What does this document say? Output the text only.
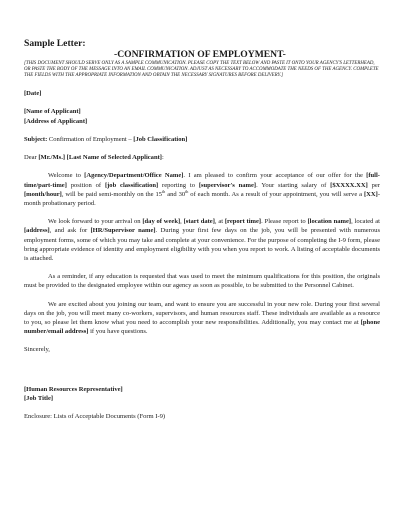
Sample Letter:
-CONFIRMATION OF EMPLOYMENT-
[THIS DOCUMENT SHOULD SERVE ONLY AS A SAMPLE COMMUNICATION. PLEASE COPY THE TEXT BELOW AND PASTE IT ONTO YOUR AGENCY'S LETTERHEAD, OR PASTE THE BODY OF THE MESSAGE INTO AN EMAIL COMMUNICATION. ADJUST AS NECESSARY TO ACCOMMODATE THE NEEDS OF THE AGENCY. COMPLETE THE FIELDS WITH THE APPROPRIATE INFORMATION AND OBTAIN THE NECESSARY SIGNATURES BEFORE DELIVERY.]
[Date]
[Name of Applicant]
[Address of Applicant]
Subject: Confirmation of Employment – [Job Classification]
Dear [Mr./Ms.] [Last Name of Selected Applicant]:
Welcome to [Agency/Department/Office Name]. I am pleased to confirm your acceptance of our offer for the [full-time/part-time] position of [job classification] reporting to [supervisor's name]. Your starting salary of [$XXXX.XX] per [month/hour], will be paid semi-monthly on the 15th and 30th of each month. As a result of your appointment, you will serve a [XX]-month probationary period.
We look forward to your arrival on [day of week], [start date], at [report time]. Please report to [location name], located at [address], and ask for [HR/Supervisor name]. During your first few days on the job, you will be presented with numerous employment forms, some of which you may take and complete at your convenience. For the purpose of completing the I-9 form, please bring appropriate evidence of identity and employment eligibility with you when you report to work. A listing of acceptable documents is attached.
As a reminder, if any education is requested that was used to meet the minimum qualifications for this position, the originals must be provided to the designated employee within our agency as soon as possible, to be submitted to the Personnel Cabinet.
We are excited about you joining our team, and want to ensure you are successful in your new role. During your first several days on the job, you will meet many co-workers, supervisors, and human resources staff. These individuals are available as a resource to you, so please let them know what you need to accomplish your new responsibilities. Additionally, you may contact me at [phone number/email address] if you have questions.
Sincerely,
[Human Resources Representative]
[Job Title]
Enclosure: Lists of Acceptable Documents (Form I-9)
